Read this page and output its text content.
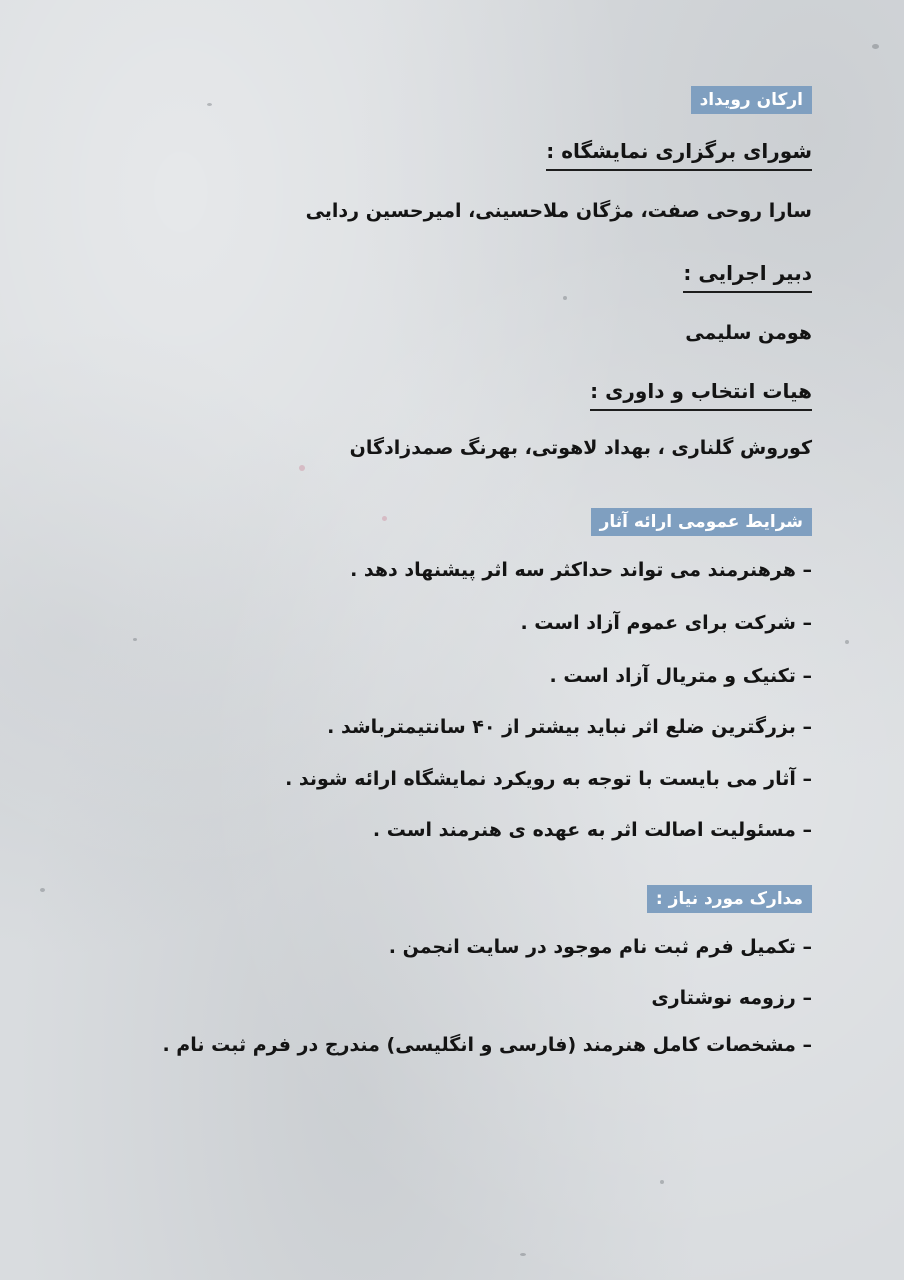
ارکان رویداد
شورای برگزاری نمایشگاه :
سارا روحی صفت، مژگان ملاحسینی، امیرحسین ردایی
دبیر اجرایی :
هومن سلیمی
هیات انتخاب و داوری :
کوروش گلناری ، بهداد لاهوتی، بهرنگ صمدزادگان
شرایط عمومی ارائه آثار
– هرهنرمند می تواند حداکثر سه اثر پیشنهاد دهد .
– شرکت برای عموم آزاد است .
– تکنیک و متریال آزاد است .
– بزرگترین ضلع اثر نباید بیشتر از ۴۰ سانتیمترباشد .
– آثار می بایست با توجه به رویکرد نمایشگاه ارائه شوند .
– مسئولیت اصالت اثر به عهده ی هنرمند است .
مدارک مورد نیاز :
– تکمیل فرم ثبت نام موجود در سایت انجمن .
– رزومه نوشتاری
– مشخصات کامل هنرمند (فارسی و انگلیسی) مندرج در فرم ثبت نام .
